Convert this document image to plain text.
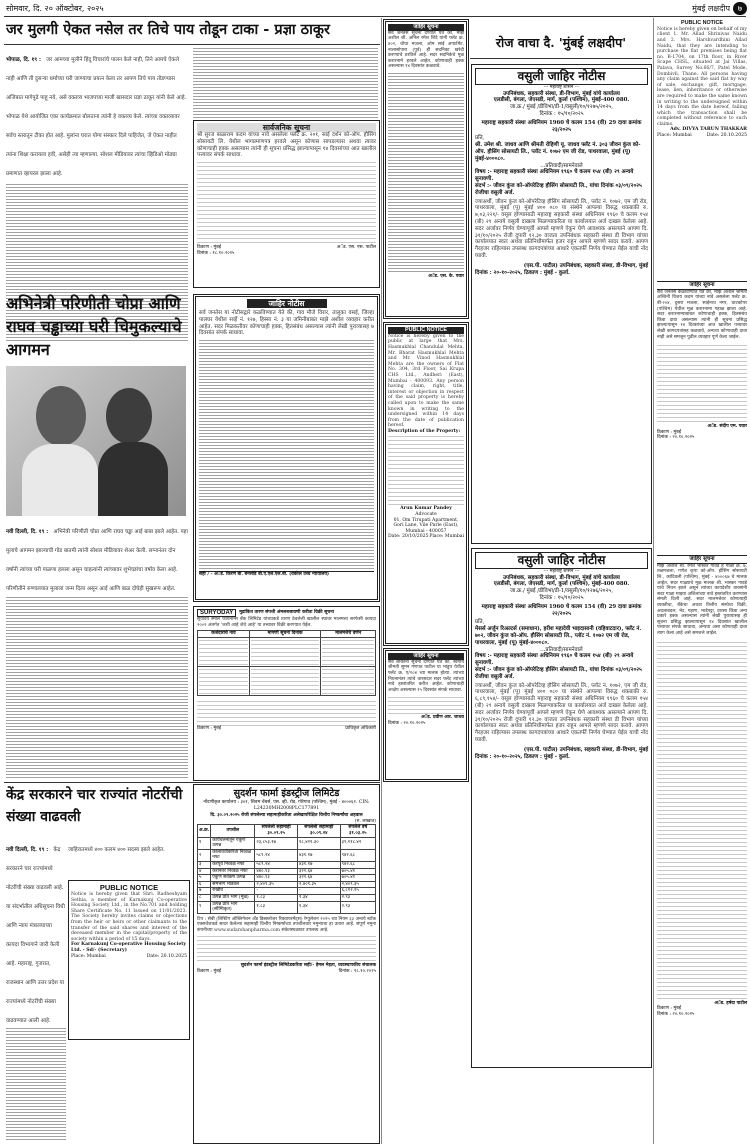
सोमवार, दि. २० ऑक्टोबर, २०२५	मुंबई लक्षदीप ७
जर मुलगी ऐकत नसेल तर तिचे पाय तोडून टाका - प्रज्ञा ठाकूर
भोपाळ, दि. १९ : जर आमच्या मुलीने हिंदू विचारांचे पालन केले नाही, तिने आमचे ऐकले नाही आणि ती दुसऱ्या धर्माच्या घरी जाण्याचा प्रयत्न केला तर आपण तिचे पाय तोडण्यास अजिबात मागेपुढे पाहू नये, असे वक्तव्य भाजपच्या माजी खासदार प्रज्ञा ठाकूर यांनी केले आहे. भोपाळ येथे आयोजित एका कार्यक्रमात बोलताना त्यांनी हे वक्तव्य केले. त्यांच्या वक्तव्यावर सर्वच स्तरातून टीका होत आहे. मुलांना घरात योग्य संस्कार दिले पाहिजेत, जे ऐकत नाहीत त्यांना शिक्षा करायला हवी, असेही त्या म्हणाल्या. सोशल मीडियावर त्यांचा व्हिडिओ मोठ्या प्रमाणात व्हायरल झाला आहे.
सार्वजनिक सूचना
श्री सुरज बाळाराम कदम यांच्या नावे असलेला फ्लॅट क्र. २०१, साई दर्शन को-ऑप. हौसिंग सोसायटी लि. येथील भागप्रमाणपत्र हरवले असून कोणास सापडल्यास अथवा त्यावर कोणाचाही हक्क असल्यास त्यांनी ही सूचना प्रसिद्ध झाल्यापासून १४ दिवसांच्या आत खालील पत्त्यावर संपर्क साधावा.
ठिकाण : मुंबई	अॅड. एस. एस. पाटील
दिनांक : १८.१०.२०२५
अभिनेत्री परिणीती चोप्रा आणि राघव चड्ढाच्या घरी चिमुकल्याचे आगमन
नवी दिल्ली, दि. १९ : अभिनेत्री परिणीती चोप्रा आणि राघव चड्ढा आई बाबा झाले आहेत. पहा मुलाचे आगमन झाल्याची गोड बातमी त्यांनी सोशल मीडियावर शेअर केली. लग्नानंतर दोन वर्षांनी त्यांच्या घरी पाळणा हलला असून चाहत्यांनी त्यांच्यावर शुभेच्छांचा वर्षाव केला आहे. परिणीतीने रुग्णालयात मुलाला जन्म दिला असून आई आणि बाळ दोघेही सुखरूप आहेत.
जाहिर नोटीस
सर्व जनतेस या नोटीसद्वारे कळविण्यात येते की, गाव मौजे विरार, तालुका वसई, जिल्हा पालघर येथील सर्व्हे नं. १२७, हिस्सा नं. ३ या जमिनीबाबत माझे अशील व्यवहार करीत आहेत. सदर मिळकतीवर कोणाचाही हक्क, हितसंबंध असल्यास त्यांनी लेखी पुराव्यासह ७ दिवसांत संपर्क साधावा.
सही / - अॅड. किरण बी. बनसोडे बी.ए.एल.एल.बी. (वकील उच्च न्यायालय)
SURYODAY	मुद्रांकित तारण संपत्ती अंमलबजावणी करीता विक्री सूचना
सूर्योदय स्मॉल फायनान्स बँक लिमिटेड यांच्याकडे तारण ठेवलेली खालील स्थावर मालमत्ता सरफेसी कायदा २००२ अंतर्गत 'जशी आहे जेथे आहे' या तत्त्वावर विक्री करण्यात येईल.
कर्जदाराचे नाव	मागणी सूचना दिनांक	मालमत्तेचे वर्णन

ठिकाण : मुंबई	प्राधिकृत अधिकारी
केंद्र सरकारने चार राज्यांत नोटरींची संख्या वाढवली
नवी दिल्ली, दि. १९ : केंद्र सरकारने चार राज्यांमध्ये नोटरींची संख्या वाढवली आहे. या संदर्भातील अधिसूचना विधी आणि न्याय मंत्रालयाच्या कायदा विभागाने जारी केली आहे. महाराष्ट्र, गुजरात, राजस्थान आणि उत्तर प्रदेश या राज्यांमध्ये नोटरींची संख्या वाढवण्यात आली आहे.
जाहिरातमध्ये ४०० कलम ४०० सदस्य झाले आहेत.
PUBLIC NOTICE
Notice is hereby given that Shri. Radheshyam Sethia, a member of Karnakunj Co-operative Housing Society Ltd., in the No.701 and holding Share Certificate No. 11 Issued on 11/01/2023. The Society hereby invites claims or objections from the heir or heirs or other claimants to the transfer of the said shares and interest of the deceased member in the capital/property of the society within a period of 15 days.
For Karnakunj Co-operative Housing Society Ltd. - Sd/- (Secretary)
Place: Mumbai	Date: 20.10.2025
सुदर्शन फार्मा इंडस्ट्रीज लिमिटेड
नोंदणीकृत कार्यालय : ३०१, शिवम चेंबर्स, एस. व्ही. रोड, गोरेगाव (पश्चिम), मुंबई - ४०००६२. CIN: L24230MH2008PLC177891
दि. ३०.०९.२०२५ रोजी संपलेल्या सहामाहीकरिता अलेखापरिक्षित वित्तीय निष्कर्षांचा अहवाल
(रु. लाखात)
अ.क्र.	तपशील	संपलेली सहामाही ३०.०९.२५	संपलेली सहामाही ३०.०९.२४	संपलेले वर्ष ३१.०३.२५
१	कार्यचलनातून एकूण उत्पन्न	२३,८५३.१७	१८,४२१.३०	३९,११८.४२
२	कालावधीकरिता निव्वळ नफा	५८९.२४	४३१.१७	९४२.६८
३	करपूर्व निव्वळ नफा	५८९.२४	४३१.१७	९४२.६८
४	करानंतर निव्वळ नफा	४४०.९३	३२२.६४	७०५.४१
५	एकूण सर्वंकष उत्पन्न	४४०.९३	३२२.६४	७०५.४१
६	समभाग भांडवल	२,४०९.३५	२,४०९.३५	२,४०९.३५
७	राखीव	-	-	६,८१२.१५
८	उत्पन्न प्रति भाग (मूळ)	१.८३	१.३४	२.९३
९	उत्पन्न प्रति भाग (सौम्यिकृत)	१.८३	१.३४	२.९३
टिप : सेबी (लिस्टिंग ऑब्लिगेशन अँड डिस्क्लोजर रिक्वायरमेंट्स) रेग्युलेशन २०१५ च्या नियम ३३ अन्वये स्टॉक एक्सचेंजकडे सादर केलेल्या सहामाही वित्तीय निष्कर्षांच्या तपशीलवार नमुन्याचा हा उतारा आहे. संपूर्ण नमुना कंपनीच्या www.sudarshanpharma.com संकेतस्थळावर उपलब्ध आहे.
सुदर्शन फार्मा इंडस्ट्रीज लिमिटेडकरिता सही/- हेमल मेहता, व्यवस्थापकीय संचालक
ठिकाण : मुंबई	दिनांक : १८.१०.२०२५
जाहिर सूचना
सर्व जनतेस सूचना देण्यात येते की, माझे अशील श्री. अनिल रमेश शिंदे यांनी फ्लॅट क्र. ४०२, चौथा मजला, ओम साई अपार्टमेंट, नालासोपारा (पूर्व) ही सदनिका खरेदी करण्याचे ठरविले आहे. सदर सदनिकेचे मूळ करारनामे हरवले आहेत. कोणाचाही हक्क असल्यास १४ दिवसांत कळवावे.
अॅड. एस. के. पवार
PUBLIC NOTICE
Notice is hereby given to the public at large that Mrs. Hasmukhlal Chandulal Mehta, Mr. Bharat Hasmukhlal Mehta and Mr. Vinod Hasmukhlal Mehta are the owners of Flat No. 304, 3rd Floor, Sai Krupa CHS Ltd., Andheri (East), Mumbai - 400093. Any person having claim, right, title, interest or objection in respect of the said property is hereby called upon to make the same known in writing to the undersigned within 14 days from the date of publication hereof.
Description of the Property:
Arun Kumar Pandey
Advocate
01, Om Tirupati Apartment, Gori Lane, Vile Parle (East), Mumbai - 400057
Date: 20/10/2025 Place: Mumbai
जाहिर सूचना
सर्व लोकांना सूचना देण्यात येते की, स्वर्गीय श्रीमती सुमन गणपत पाटील या भांडुप येथील फ्लॅट क्र. ए/१०४ च्या मालक होत्या. त्यांच्या निधनानंतर त्यांचे वारसदार सदर फ्लॅट त्यांच्या नावे हस्तांतरित करीत आहेत. कोणाचाही आक्षेप असल्यास १५ दिवसांत संपर्क साधावा.
अॅड. प्रवीण आर. जाधव
दिनांक : २०.१०.२०२५
रोज वाचा दै. 'मुंबई लक्षदीप'
वसुली जाहिर नोटीस
--- महाराष्ट्र शासन ---
उपनिबंधक, सहकारी संस्था, डी-विभाग, मुंबई यांचे कार्यालय
एलडीसी, बंगला, जेएसडी, मार्ग, कुर्ला (पश्चिम), मुंबई-400 080.
जा.क्र./ मुंबई /डीविभा/डी-1/वसुली/१०/१२७५/२०२५,
दिनांक : १५/१०/२०२५
महाराष्ट्र सहकारी संस्था अधिनियम 1960 चे कलम 154 (वी) 29 दावा क्रमांक २३/२०२५
प्रति,
श्री. उमेश श्री. जाधव आणि श्रीमती रोहिणी यू. जाधव फ्लॅट नं. ३०३ जीवन कुंज को-ऑप. हौसिंग सोसायटी लि., प्लॉट नं. १०७२ एम जी रोड, पाथरवाला, मुंबई (पू) मुंबई-४०००८०.
...प्रतिवादी/सामनेवाले
विषय :- महाराष्ट्र सहकारी संस्था अधिनियम १९६० चे कलम १५४ (बी) २९ अन्वये सुनावणी.
संदर्भ :- जीवन कुंज को-ऑपरेटिव्ह हौसिंग सोसायटी लि., यांचा दिनांक ०३/०९/२०२५ रोजीचा वसुली अर्ज.
ज्याअर्थी, जीवन कुंज को-ऑपरेटिव्ह हौसिंग सोसायटी लि., प्लॉट नं. १०७२, एम जी रोड, पाथरवाला, मुंबई (पू) मुंबई ४०० ०८० या संस्थेने आपल्या विरुद्ध थकबाकी रु. ७,०३,२२१/- वसूल होण्यासाठी महाराष्ट्र सहकारी संस्था अधिनियम १९६० चे कलम १५४ (बी) २९ अन्वये वसुली दाखला मिळण्याकरिता या कार्यालयात अर्ज दाखल केलेला आहे. सदर अर्जावर निर्णय घेण्यापूर्वी आपले म्हणणे ऐकून घेणे आवश्यक असल्याने आपण दि. ३१/१०/२०२५ रोजी दुपारी १२.३० वाजता उपनिबंधक सहकारी संस्था डी विभाग यांच्या कार्यालयात स्वतः अथवा प्रतिनिधीमार्फत हजर राहून आपले म्हणणे सादर करावे. आपण गैरहजर राहिल्यास उपलब्ध कागदपत्रांच्या आधारे एकतर्फी निर्णय घेण्यात येईल याची नोंद घ्यावी.
(एस.पी. पाटील) उपनिबंधक, सहकारी संस्था, डी-विभाग, मुंबई
दिनांक : २०-१०-२०२५, ठिकाण : मुंबई - कुर्ला.
वसुली जाहिर नोटीस
--- महाराष्ट्र शासन ---
उपनिबंधक, सहकारी संस्था, डी-विभाग, मुंबई यांचे कार्यालय
एलडीसी, बंगला, जेएसडी, मार्ग, कुर्ला (पश्चिम), मुंबई-400 080.
जा.क्र./ मुंबई /डीविभा/डी-1/वसुली/१०/१२७६/२०२५,
दिनांक : १५/१०/२०२५
महाराष्ट्र सहकारी संस्था अधिनियम 1960 चे कलम 154 (वी) 29 दावा क्रमांक २२/२०२५
प्रति,
मेसर्स अर्जुन रिअल्टर्स (समाधान), हरीश महादेवी भाइदासानी (वहिवाटदार), फ्लॅट नं. ७०२, जीवन कुंज को-ऑप. हौसिंग सोसायटी लि., प्लॉट नं. १०७२ एम जी रोड, पाथरवाला, मुंबई (पू) मुंबई-४०००८०.
...प्रतिवादी/सामनेवाले
विषय :- महाराष्ट्र सहकारी संस्था अधिनियम १९६० चे कलम १५४ (बी) २९ अन्वये सुनावणी.
संदर्भ :- जीवन कुंज को-ऑपरेटिव्ह हौसिंग सोसायटी लि., यांचा दिनांक ०३/०९/२०२५ रोजीचा वसुली अर्ज.
ज्याअर्थी, जीवन कुंज को-ऑपरेटिव्ह हौसिंग सोसायटी लि., प्लॉट नं. १०७२, एम जी रोड, पाथरवाला, मुंबई (पू) मुंबई ४०० ०८० या संस्थेने आपल्या विरुद्ध थकबाकी रु. ६,८९,१५४/- वसूल होण्यासाठी महाराष्ट्र सहकारी संस्था अधिनियम १९६० चे कलम १५४ (बी) २९ अन्वये वसुली दाखला मिळण्याकरिता या कार्यालयात अर्ज दाखल केलेला आहे. सदर अर्जावर निर्णय घेण्यापूर्वी आपले म्हणणे ऐकून घेणे आवश्यक असल्याने आपण दि. ३१/१०/२०२५ रोजी दुपारी १२.३० वाजता उपनिबंधक सहकारी संस्था डी विभाग यांच्या कार्यालयात स्वतः अथवा प्रतिनिधीमार्फत हजर राहून आपले म्हणणे सादर करावे. आपण गैरहजर राहिल्यास उपलब्ध कागदपत्रांच्या आधारे एकतर्फी निर्णय घेण्यात येईल याची नोंद घ्यावी.
(एस.पी. पाटील) उपनिबंधक, सहकारी संस्था, डी-विभाग, मुंबई
दिनांक : २०-१०-२०२५, ठिकाण : मुंबई - कुर्ला.
PUBLIC NOTICE
Notice is hereby given on behalf of my client 1. Mr. Allad Shrinivas Naidu and 2. Mrs. Harshvardhini Allad Naidu, that they are intending to purchase the flat premises being flat no. B-1704, on 17th floor, in River Scape CHSL, situated at Jai Villas, Palava, Survey No.66/7, Patel Mode, Dombivli, Thane. All persons having any claim against the said flat by way of sale, exchange, gift, mortgage, lease, lien, inheritance or otherwise are required to make the same known in writing to the undersigned within 14 days from the date hereof, failing which the transaction shall be completed without reference to such claims.
Adv. DIVYA TARUN THAKKAR
Place: Mumbai	Date: 20.10.2025
जाहिर सूचना
सर्व जनतेस कळविण्यात येते की, माझे अशील श्रीमती अश्विनी विजय कदम यांच्या नावे असलेला फ्लॅट क्र. बी-२०४, दुसरा मजला, साईनाथ नगर, घाटकोपर (पश्चिम) येथील मूळ करारनामा गहाळ झाला आहे. सदर करारनाम्याबाबत कोणाचाही हक्क, हितसंबंध किंवा दावा असल्यास त्यांनी ही सूचना प्रसिद्ध झाल्यापासून १४ दिवसांच्या आत खालील पत्त्यावर लेखी कागदपत्रांसह कळवावे, अन्यथा कोणाचाही दावा नाही असे समजून पुढील व्यवहार पूर्ण केला जाईल.
अॅड. संदीप एम. पवार
ठिकाण : मुंबई
दिनांक : २०.१०.२०२५
जाहिर सूचना
माझे अशील श्री. रमेश भास्कर गावडे हे गाळा क्र. ७, तळमजला, गणेश कृपा को-ऑप. हौसिंग सोसायटी लि., कांदिवली (पश्चिम), मुंबई - ४०००६७ चे मालक आहेत. सदर गाळ्याचे मूळ मालक श्री. भास्कर गावडे यांचे निधन झाले असून त्यांच्या कायदेशीर वारसांनी सदर गाळा माझ्या अशिलांच्या नावे हस्तांतरित करण्यास संमती दिली आहे. सदर मालमत्तेवर कोणत्याही व्यक्तीचा, बँकेचा अथवा वित्तीय संस्थेचा विक्री, अदलाबदल, भेट, गहाण, भाडेपट्टा, वारसा किंवा अन्य प्रकारे हक्क असल्यास त्यांनी लेखी पुराव्यासह ही सूचना प्रसिद्ध झाल्यापासून १४ दिवसांत खालील पत्त्यावर संपर्क साधावा, अन्यथा असा कोणताही दावा त्याग केला आहे असे समजले जाईल.
अॅड. हर्षदा पाटील
ठिकाण : मुंबई
दिनांक : २०.१०.२०२५
